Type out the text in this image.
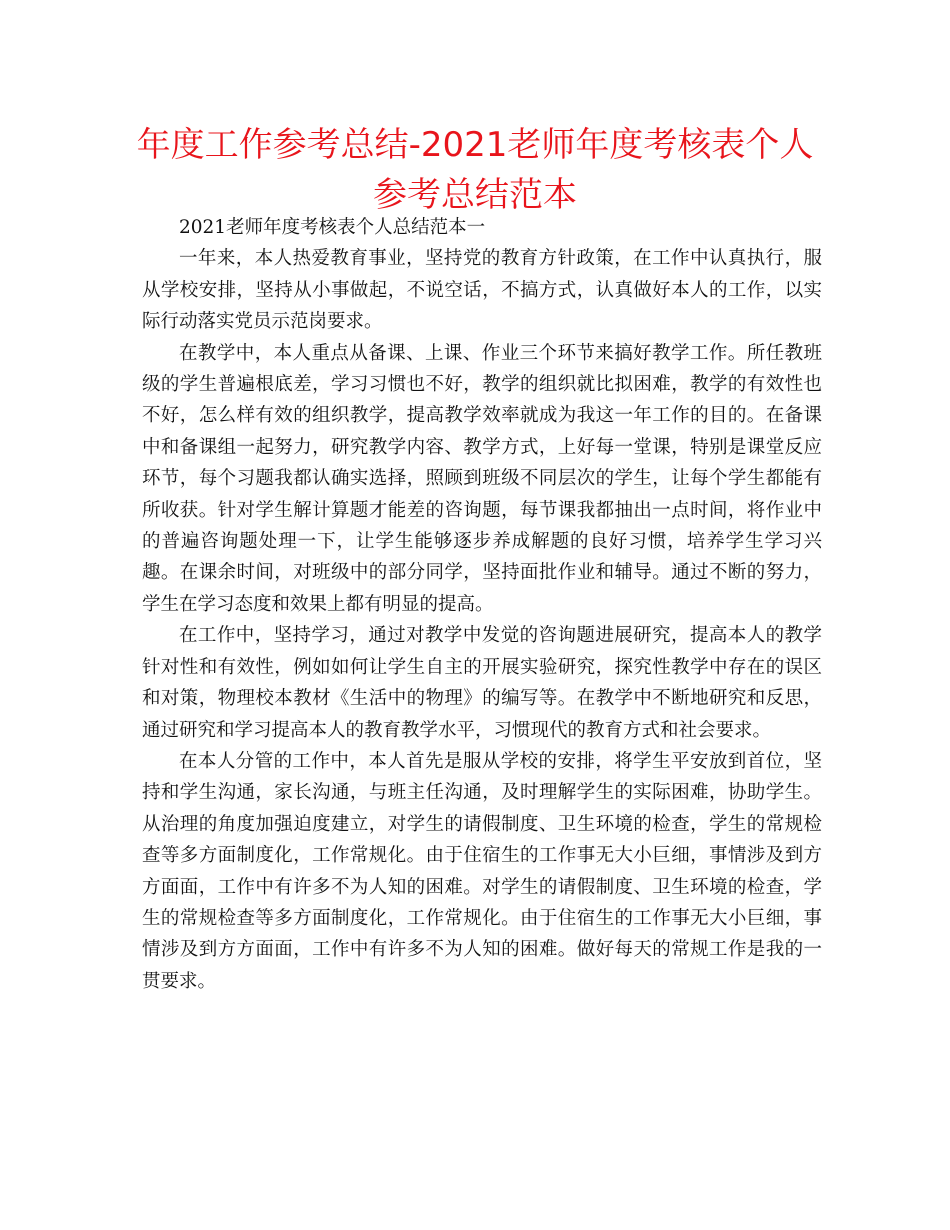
年度工作参考总结-2021老师年度考核表个人参考总结范本

2021老师年度考核表个人总结范本一

一年来，本人热爱教育事业，坚持党的教育方针政策，在工作中认真执行，服从学校安排，坚持从小事做起，不说空话，不搞方式，认真做好本人的工作，以实际行动落实党员示范岗要求。

在教学中，本人重点从备课、上课、作业三个环节来搞好教学工作。所任教班级的学生普遍根底差，学习习惯也不好，教学的组织就比拟困难，教学的有效性也不好，怎么样有效的组织教学，提高教学效率就成为我这一年工作的目的。在备课中和备课组一起努力，研究教学内容、教学方式，上好每一堂课，特别是课堂反应环节，每个习题我都认确实选择，照顾到班级不同层次的学生，让每个学生都能有所收获。针对学生解计算题才能差的咨询题，每节课我都抽出一点时间，将作业中的普遍咨询题处理一下，让学生能够逐步养成解题的良好习惯，培养学生学习兴趣。在课余时间，对班级中的部分同学，坚持面批作业和辅导。通过不断的努力，学生在学习态度和效果上都有明显的提高。

在工作中，坚持学习，通过对教学中发觉的咨询题进展研究，提高本人的教学针对性和有效性，例如如何让学生自主的开展实验研究，探究性教学中存在的误区和对策，物理校本教材《生活中的物理》的编写等。在教学中不断地研究和反思，通过研究和学习提高本人的教育教学水平，习惯现代的教育方式和社会要求。

在本人分管的工作中，本人首先是服从学校的安排，将学生平安放到首位，坚持和学生沟通，家长沟通，与班主任沟通，及时理解学生的实际困难，协助学生。从治理的角度加强迫度建立，对学生的请假制度、卫生环境的检查，学生的常规检查等多方面制度化，工作常规化。由于住宿生的工作事无大小巨细，事情涉及到方方面面，工作中有许多不为人知的困难。对学生的请假制度、卫生环境的检查，学生的常规检查等多方面制度化，工作常规化。由于住宿生的工作事无大小巨细，事情涉及到方方面面，工作中有许多不为人知的困难。做好每天的常规工作是我的一贯要求。
